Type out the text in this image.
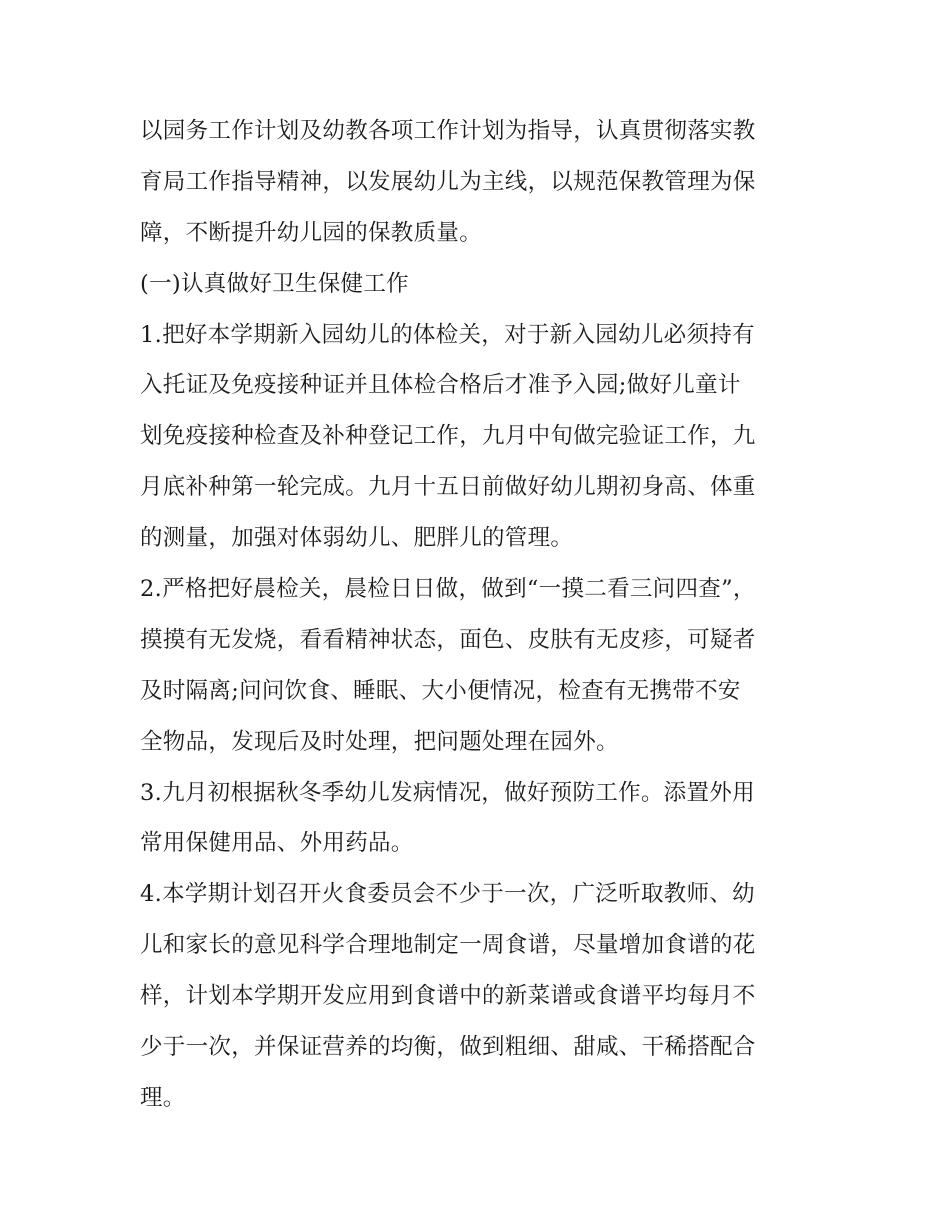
以园务工作计划及幼教各项工作计划为指导，认真贯彻落实教
育局工作指导精神，以发展幼儿为主线，以规范保教管理为保
障，不断提升幼儿园的保教质量。
(一)认真做好卫生保健工作
1.把好本学期新入园幼儿的体检关，对于新入园幼儿必须持有
入托证及免疫接种证并且体检合格后才准予入园;做好儿童计
划免疫接种检查及补种登记工作，九月中旬做完验证工作，九
月底补种第一轮完成。九月十五日前做好幼儿期初身高、体重
的测量，加强对体弱幼儿、肥胖儿的管理。
2.严格把好晨检关，晨检日日做，做到“一摸二看三问四查”，
摸摸有无发烧，看看精神状态，面色、皮肤有无皮疹，可疑者
及时隔离;问问饮食、睡眠、大小便情况，检查有无携带不安
全物品，发现后及时处理，把问题处理在园外。
3.九月初根据秋冬季幼儿发病情况，做好预防工作。添置外用
常用保健用品、外用药品。
4.本学期计划召开火食委员会不少于一次，广泛听取教师、幼
儿和家长的意见科学合理地制定一周食谱，尽量增加食谱的花
样，计划本学期开发应用到食谱中的新菜谱或食谱平均每月不
少于一次，并保证营养的均衡，做到粗细、甜咸、干稀搭配合
理。
